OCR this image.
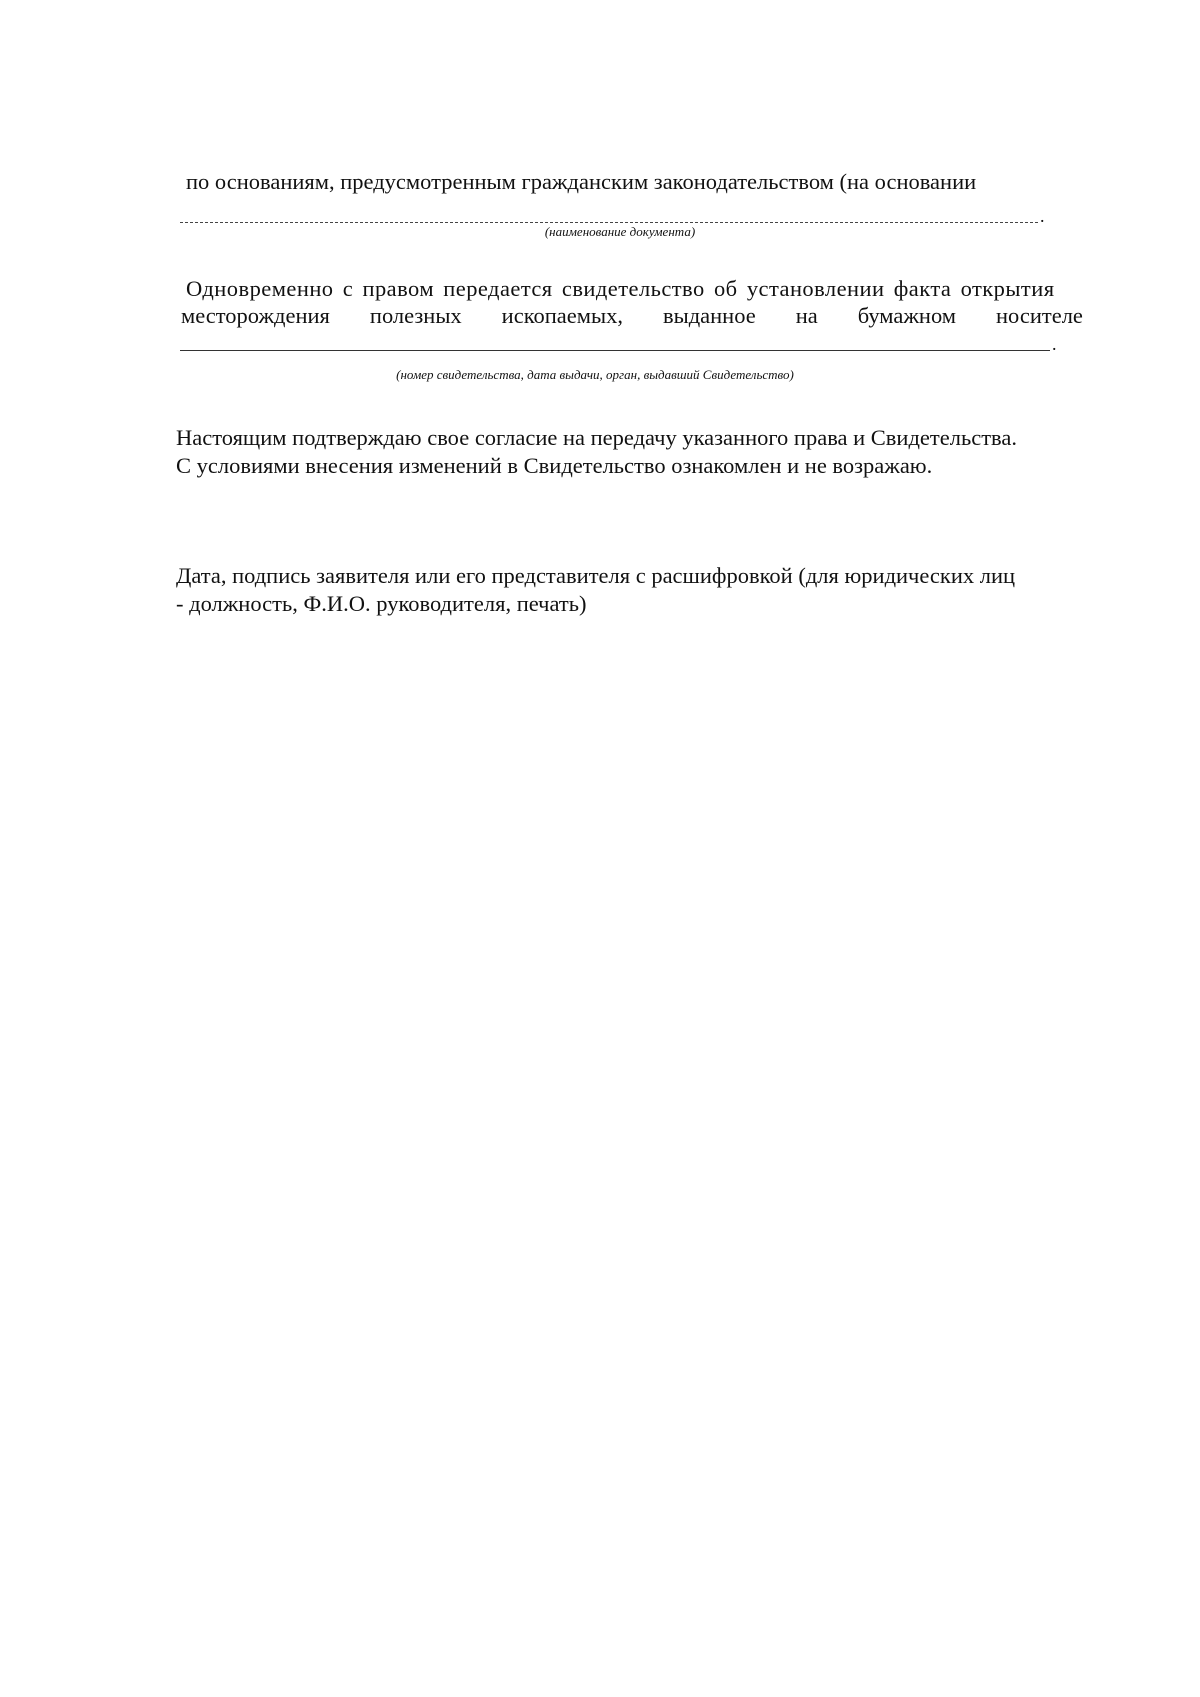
по основаниям, предусмотренным гражданским законодательством (на основании
.
(наименование документа)
Одновременно с правом передается свидетельство об установлении факта открытия
месторождения полезных ископаемых, выданное на бумажном носителе
.
(номер свидетельства, дата выдачи, орган, выдавший Свидетельство)
Настоящим подтверждаю свое согласие на передачу указанного права и Свидетельства.
С условиями внесения изменений в Свидетельство ознакомлен и не возражаю.
Дата, подпись заявителя или его представителя с расшифровкой (для юридических лиц
- должность, Ф.И.О. руководителя, печать)
